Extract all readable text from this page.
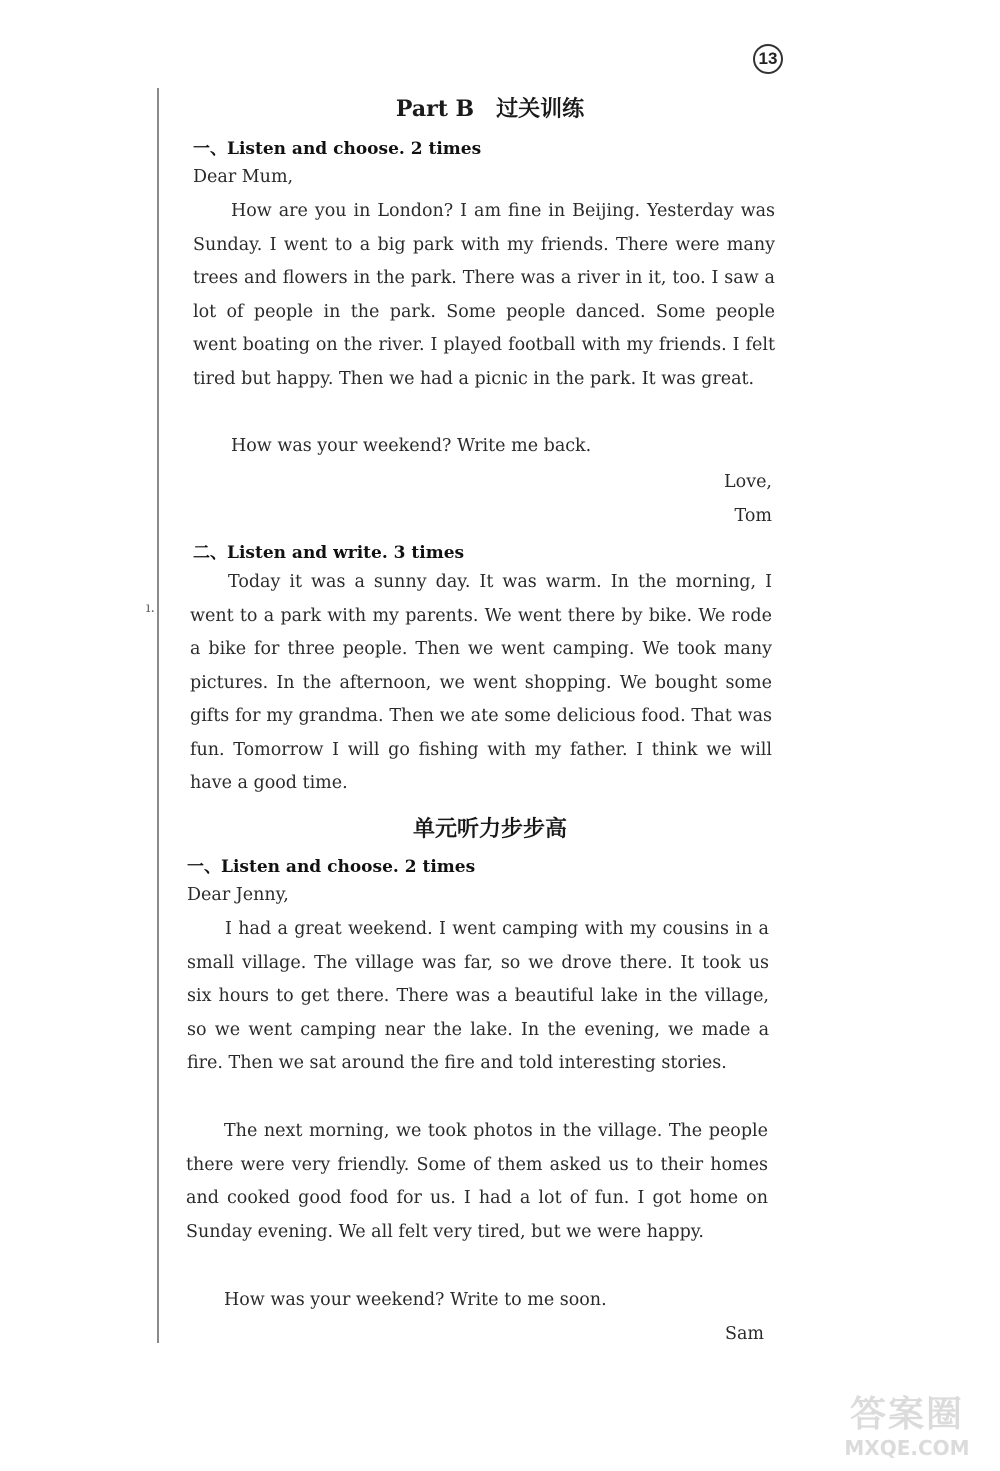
ı.
13
Part B　过关训练
一、Listen and choose. 2 times
Dear Mum,

How are you in London? I am fine in Beijing. Yesterday was Sunday. I went to a big park with my friends. There were many trees and flowers in the park. There was a river in it, too. I saw a lot of people in the park. Some people danced. Some people went boating on the river. I played football with my friends. I felt tired but happy. Then we had a picnic in the park. It was great.

How was your weekend? Write me back.

Love,
Tom
二、Listen and write. 3 times

Today it was a sunny day. It was warm. In the morning, I went to a park with my parents. We went there by bike. We rode a bike for three people. Then we went camping. We took many pictures. In the afternoon, we went shopping. We bought some gifts for my grandma. Then we ate some delicious food. That was fun. Tomorrow I will go fishing with my father. I think we will have a good time.

单元听力步步高
一、Listen and choose. 2 times
Dear Jenny,

I had a great weekend. I went camping with my cousins in a small village. The village was far, so we drove there. It took us six hours to get there. There was a beautiful lake in the village, so we went camping near the lake. In the evening, we made a fire. Then we sat around the fire and told interesting stories.

The next morning, we took photos in the village. The people there were very friendly. Some of them asked us to their homes and cooked good food for us. I had a lot of fun. I got home on Sunday evening. We all felt very tired, but we were happy.

How was your weekend? Write to me soon.

Sam
答案圈
MXQE.COM
